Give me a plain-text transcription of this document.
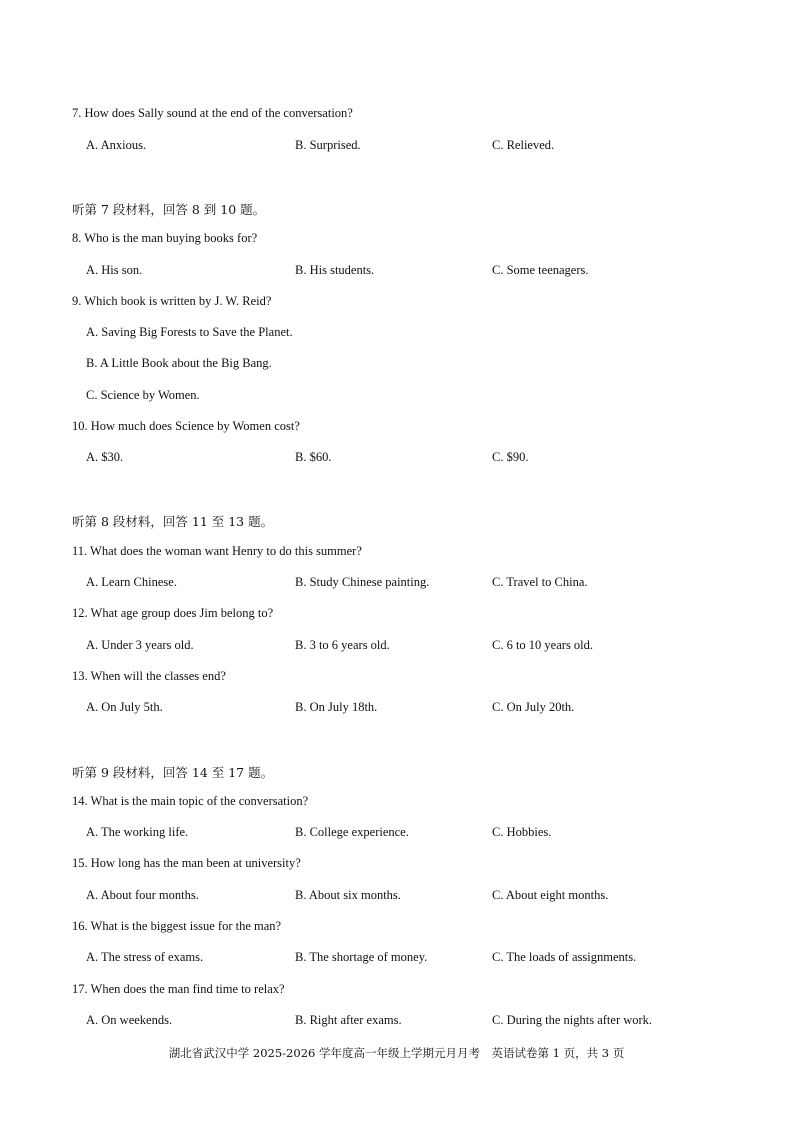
7. How does Sally sound at the end of the conversation?
A. Anxious.	B. Surprised.	C. Relieved.
听第 7 段材料，回答 8 到 10 题。
8. Who is the man buying books for?
A. His son.	B. His students.	C. Some teenagers.
9. Which book is written by J. W. Reid?
A. Saving Big Forests to Save the Planet.
B. A Little Book about the Big Bang.
C. Science by Women.
10. How much does Science by Women cost?
A. $30.	B. $60.	C. $90.
听第 8 段材料，回答 11 至 13 题。
11. What does the woman want Henry to do this summer?
A. Learn Chinese.	B. Study Chinese painting.	C. Travel to China.
12. What age group does Jim belong to?
A. Under 3 years old.	B. 3 to 6 years old.	C. 6 to 10 years old.
13. When will the classes end?
A. On July 5th.	B. On July 18th.	C. On July 20th.
听第 9 段材料，回答 14 至 17 题。
14. What is the main topic of the conversation?
A. The working life.	B. College experience.	C. Hobbies.
15. How long has the man been at university?
A. About four months.	B. About six months.	C. About eight months.
16. What is the biggest issue for the man?
A. The stress of exams.	B. The shortage of money.	C. The loads of assignments.
17. When does the man find time to relax?
A. On weekends.	B. Right after exams.	C. During the nights after work.
湖北省武汉中学 2025-2026 学年度高一年级上学期元月月考　英语试卷第 1 页，共 3 页
